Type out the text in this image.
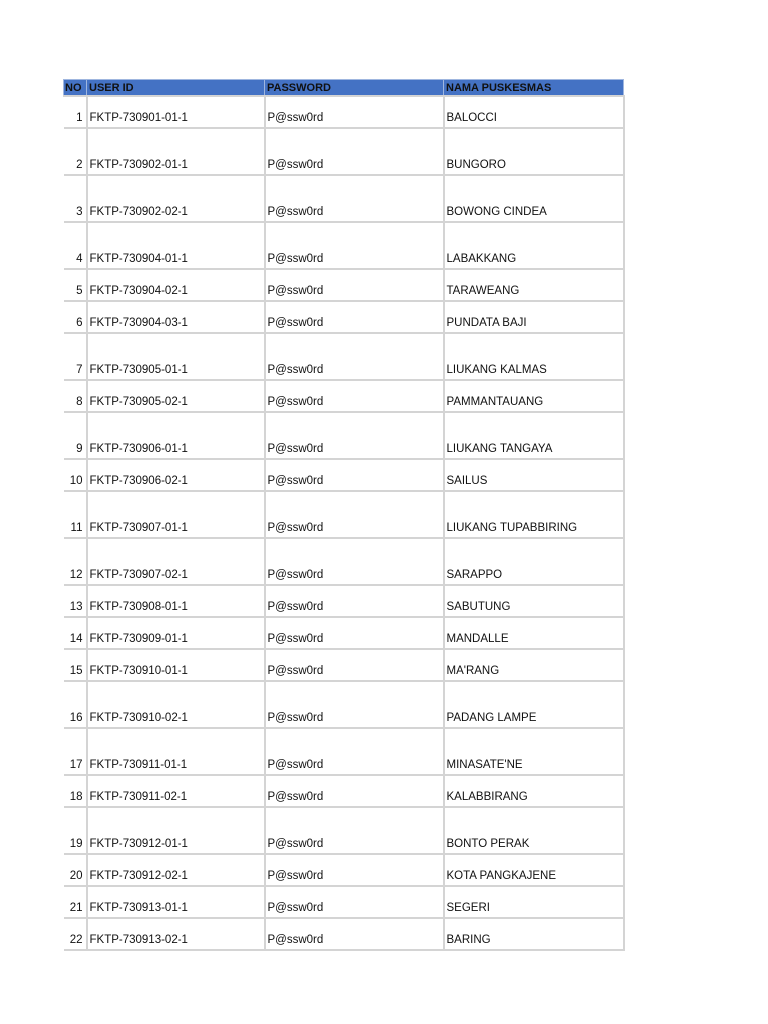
NO	USER ID	PASSWORD	NAMA PUSKESMAS
1	FKTP-730901-01-1	P@ssw0rd	BALOCCI
2	FKTP-730902-01-1	P@ssw0rd	BUNGORO
3	FKTP-730902-02-1	P@ssw0rd	BOWONG CINDEA
4	FKTP-730904-01-1	P@ssw0rd	LABAKKANG
5	FKTP-730904-02-1	P@ssw0rd	TARAWEANG
6	FKTP-730904-03-1	P@ssw0rd	PUNDATA BAJI
7	FKTP-730905-01-1	P@ssw0rd	LIUKANG KALMAS
8	FKTP-730905-02-1	P@ssw0rd	PAMMANTAUANG
9	FKTP-730906-01-1	P@ssw0rd	LIUKANG TANGAYA
10	FKTP-730906-02-1	P@ssw0rd	SAILUS
11	FKTP-730907-01-1	P@ssw0rd	LIUKANG TUPABBIRING
12	FKTP-730907-02-1	P@ssw0rd	SARAPPO
13	FKTP-730908-01-1	P@ssw0rd	SABUTUNG
14	FKTP-730909-01-1	P@ssw0rd	MANDALLE
15	FKTP-730910-01-1	P@ssw0rd	MA'RANG
16	FKTP-730910-02-1	P@ssw0rd	PADANG LAMPE
17	FKTP-730911-01-1	P@ssw0rd	MINASATE'NE
18	FKTP-730911-02-1	P@ssw0rd	KALABBIRANG
19	FKTP-730912-01-1	P@ssw0rd	BONTO PERAK
20	FKTP-730912-02-1	P@ssw0rd	KOTA PANGKAJENE
21	FKTP-730913-01-1	P@ssw0rd	SEGERI
22	FKTP-730913-02-1	P@ssw0rd	BARING
